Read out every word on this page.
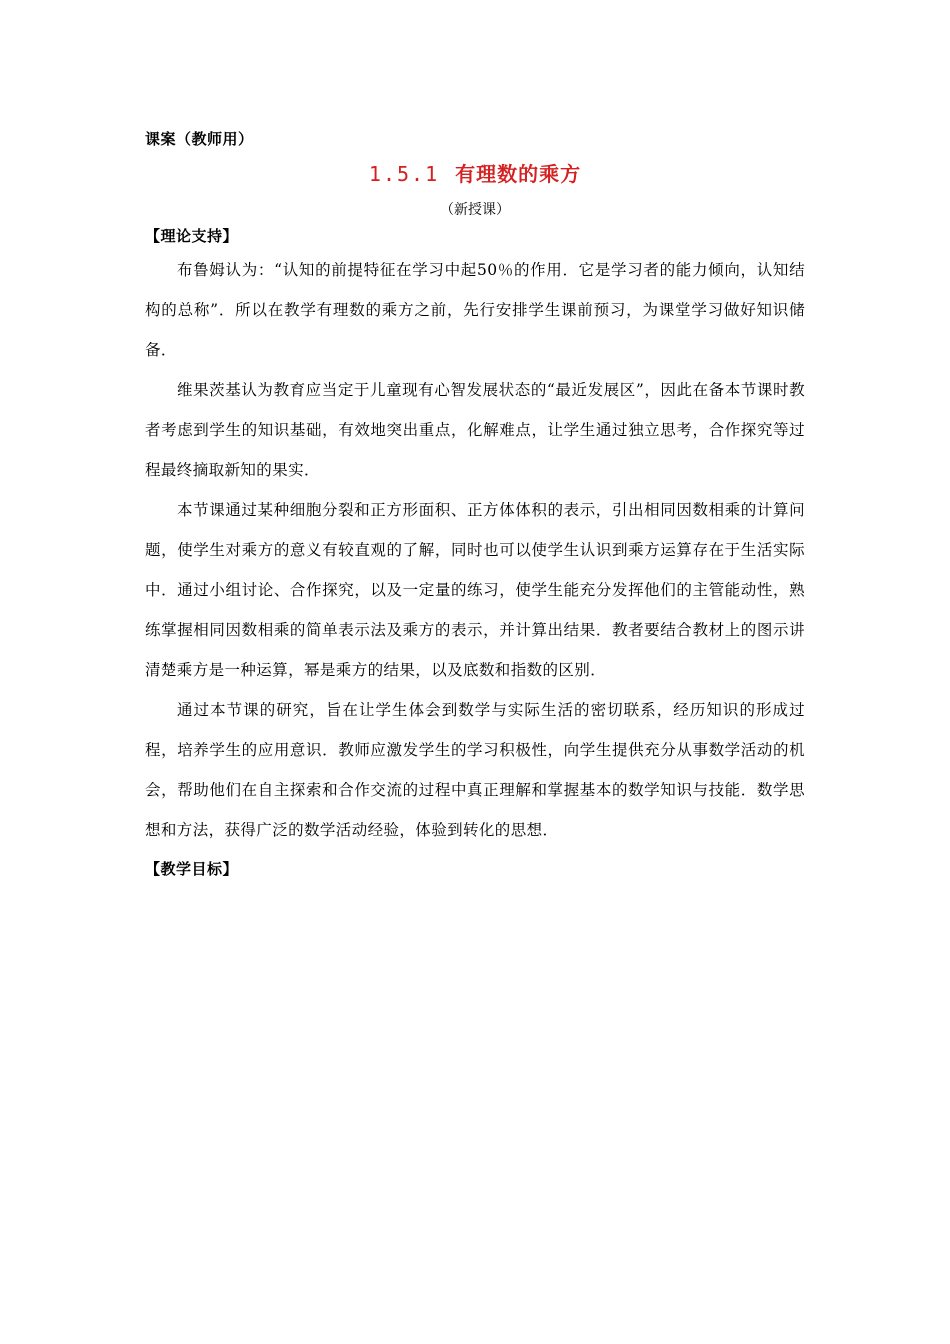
课案（教师用）
1.5.1 有理数的乘方
（新授课）
【理论支持】

布鲁姆认为：“认知的前提特征在学习中起50％的作用．它是学习者的能力倾向，认知结构的总称”．所以在教学有理数的乘方之前，先行安排学生课前预习，为课堂学习做好知识储备．

维果茨基认为教育应当定于儿童现有心智发展状态的“最近发展区”，因此在备本节课时教者考虑到学生的知识基础，有效地突出重点，化解难点，让学生通过独立思考，合作探究等过程最终摘取新知的果实．

本节课通过某种细胞分裂和正方形面积、正方体体积的表示，引出相同因数相乘的计算问题，使学生对乘方的意义有较直观的了解，同时也可以使学生认识到乘方运算存在于生活实际中．通过小组讨论、合作探究，以及一定量的练习，使学生能充分发挥他们的主管能动性，熟练掌握相同因数相乘的简单表示法及乘方的表示，并计算出结果．教者要结合教材上的图示讲清楚乘方是一种运算，幂是乘方的结果，以及底数和指数的区别．

通过本节课的研究，旨在让学生体会到数学与实际生活的密切联系，经历知识的形成过程，培养学生的应用意识．教师应激发学生的学习积极性，向学生提供充分从事数学活动的机会，帮助他们在自主探索和合作交流的过程中真正理解和掌握基本的数学知识与技能．数学思想和方法，获得广泛的数学活动经验，体验到转化的思想．

【教学目标】
